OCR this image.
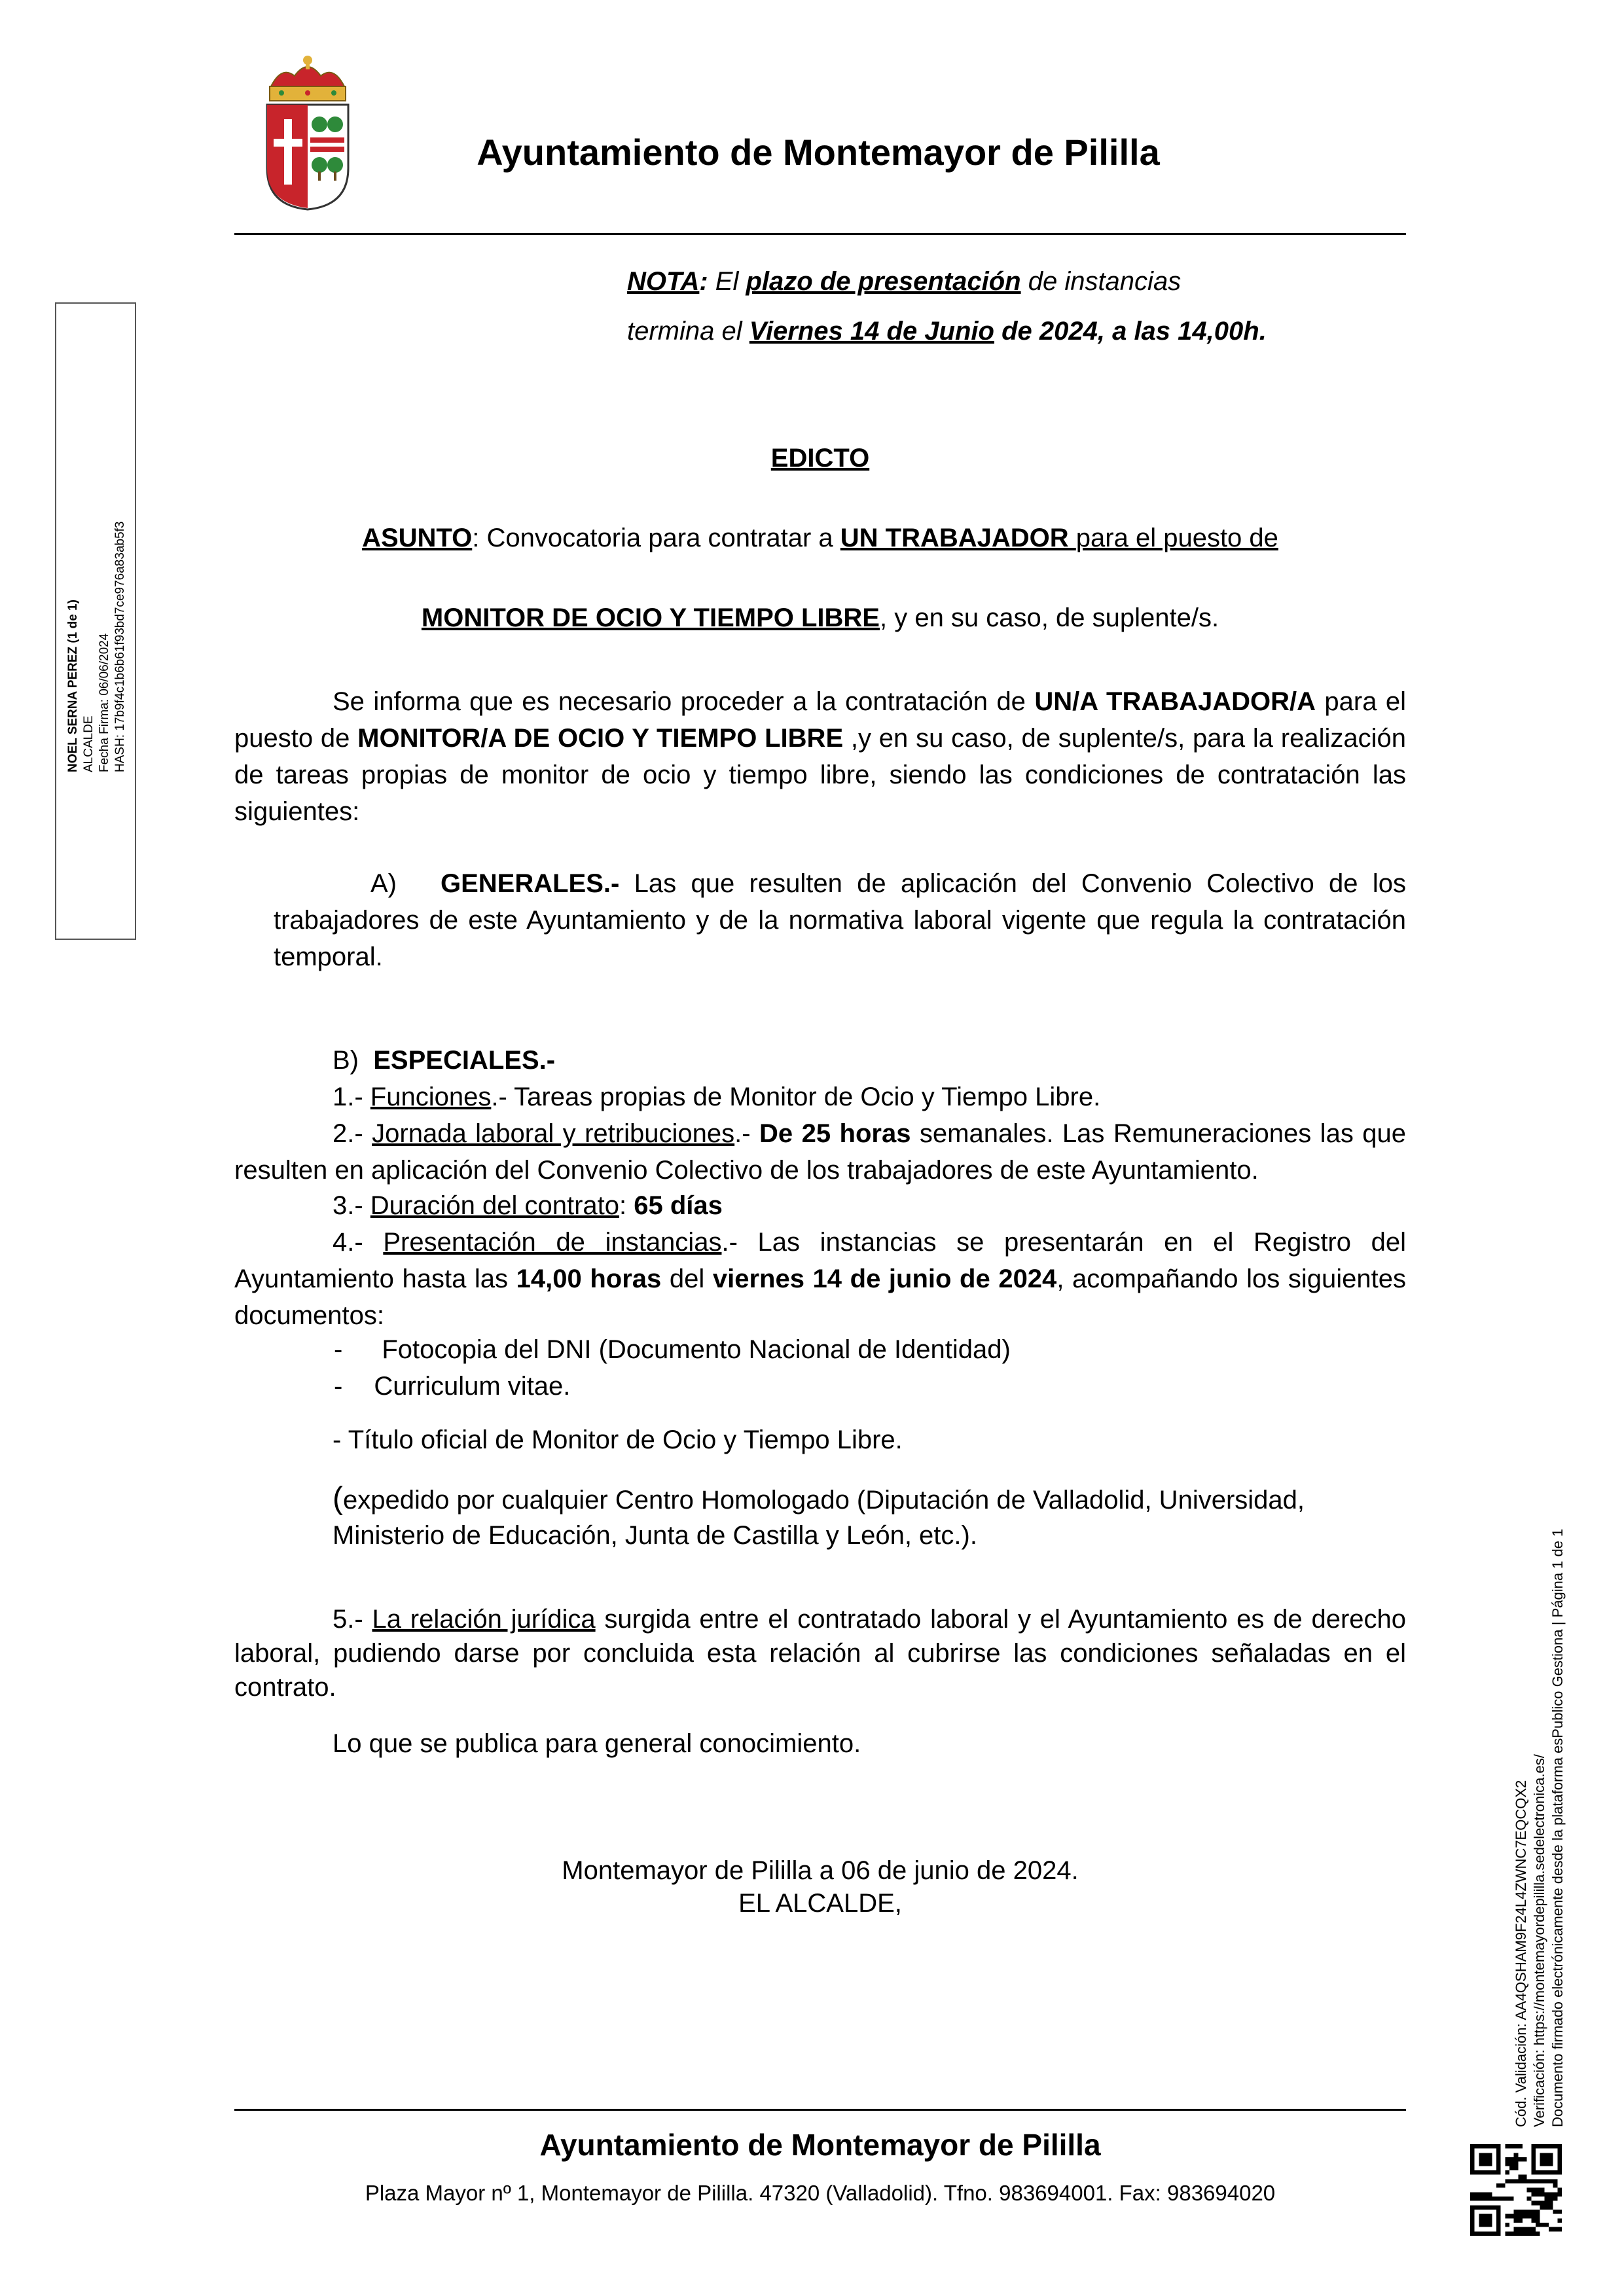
Ayuntamiento de Montemayor de Pililla
NOEL SERNA PEREZ (1 de 1) ALCALDE Fecha Firma: 06/06/2024 HASH: 17b9f4c1b6b61f93bd7ce976a83ab5f3
NOTA: El plazo de presentación de instancias
termina el Viernes 14 de Junio de 2024, a las 14,00h.
EDICTO
ASUNTO: Convocatoria para contratar a UN TRABAJADOR para el puesto de
MONITOR DE OCIO Y TIEMPO LIBRE, y en su caso, de suplente/s.
Se informa que es necesario proceder a la contratación de UN/A TRABAJADOR/A para el puesto de MONITOR/A DE OCIO Y TIEMPO LIBRE ,y en su caso, de suplente/s, para la realización de tareas propias de monitor de ocio y tiempo libre, siendo las condiciones de contratación las siguientes:
A) GENERALES.- Las que resulten de aplicación del Convenio Colectivo de los trabajadores de este Ayuntamiento y de la normativa laboral vigente que regula la contratación temporal.
B) ESPECIALES.-
1.- Funciones.- Tareas propias de Monitor de Ocio y Tiempo Libre.
2.- Jornada laboral y retribuciones.- De 25 horas semanales. Las Remuneraciones las que resulten en aplicación del Convenio Colectivo de los trabajadores de este Ayuntamiento.
3.- Duración del contrato: 65 días
4.- Presentación de instancias.- Las instancias se presentarán en el Registro del Ayuntamiento hasta las 14,00 horas del viernes 14 de junio de 2024, acompañando los siguientes documentos:
- Fotocopia del DNI (Documento Nacional de Identidad)
- Curriculum vitae.
- Título oficial de Monitor de Ocio y Tiempo Libre.
(expedido por cualquier Centro Homologado (Diputación de Valladolid, Universidad,
Ministerio de Educación, Junta de Castilla y León, etc.).
5.- La relación jurídica surgida entre el contratado laboral y el Ayuntamiento es de derecho laboral, pudiendo darse por concluida esta relación al cubrirse las condiciones señaladas en el contrato.
Lo que se publica para general conocimiento.
Montemayor de Pililla a 06 de junio de 2024.
EL ALCALDE,	Cód. Validación: AA4QSHAM9F24L4ZWNC7EQCQX2 Verificación: https://montemayordepililla.sedelectronica.es/ Documento firmado electrónicamente desde la plataforma esPublico Gestiona | Página 1 de 1
Ayuntamiento de Montemayor de Pililla
Plaza Mayor nº 1, Montemayor de Pililla. 47320 (Valladolid). Tfno. 983694001. Fax: 983694020
